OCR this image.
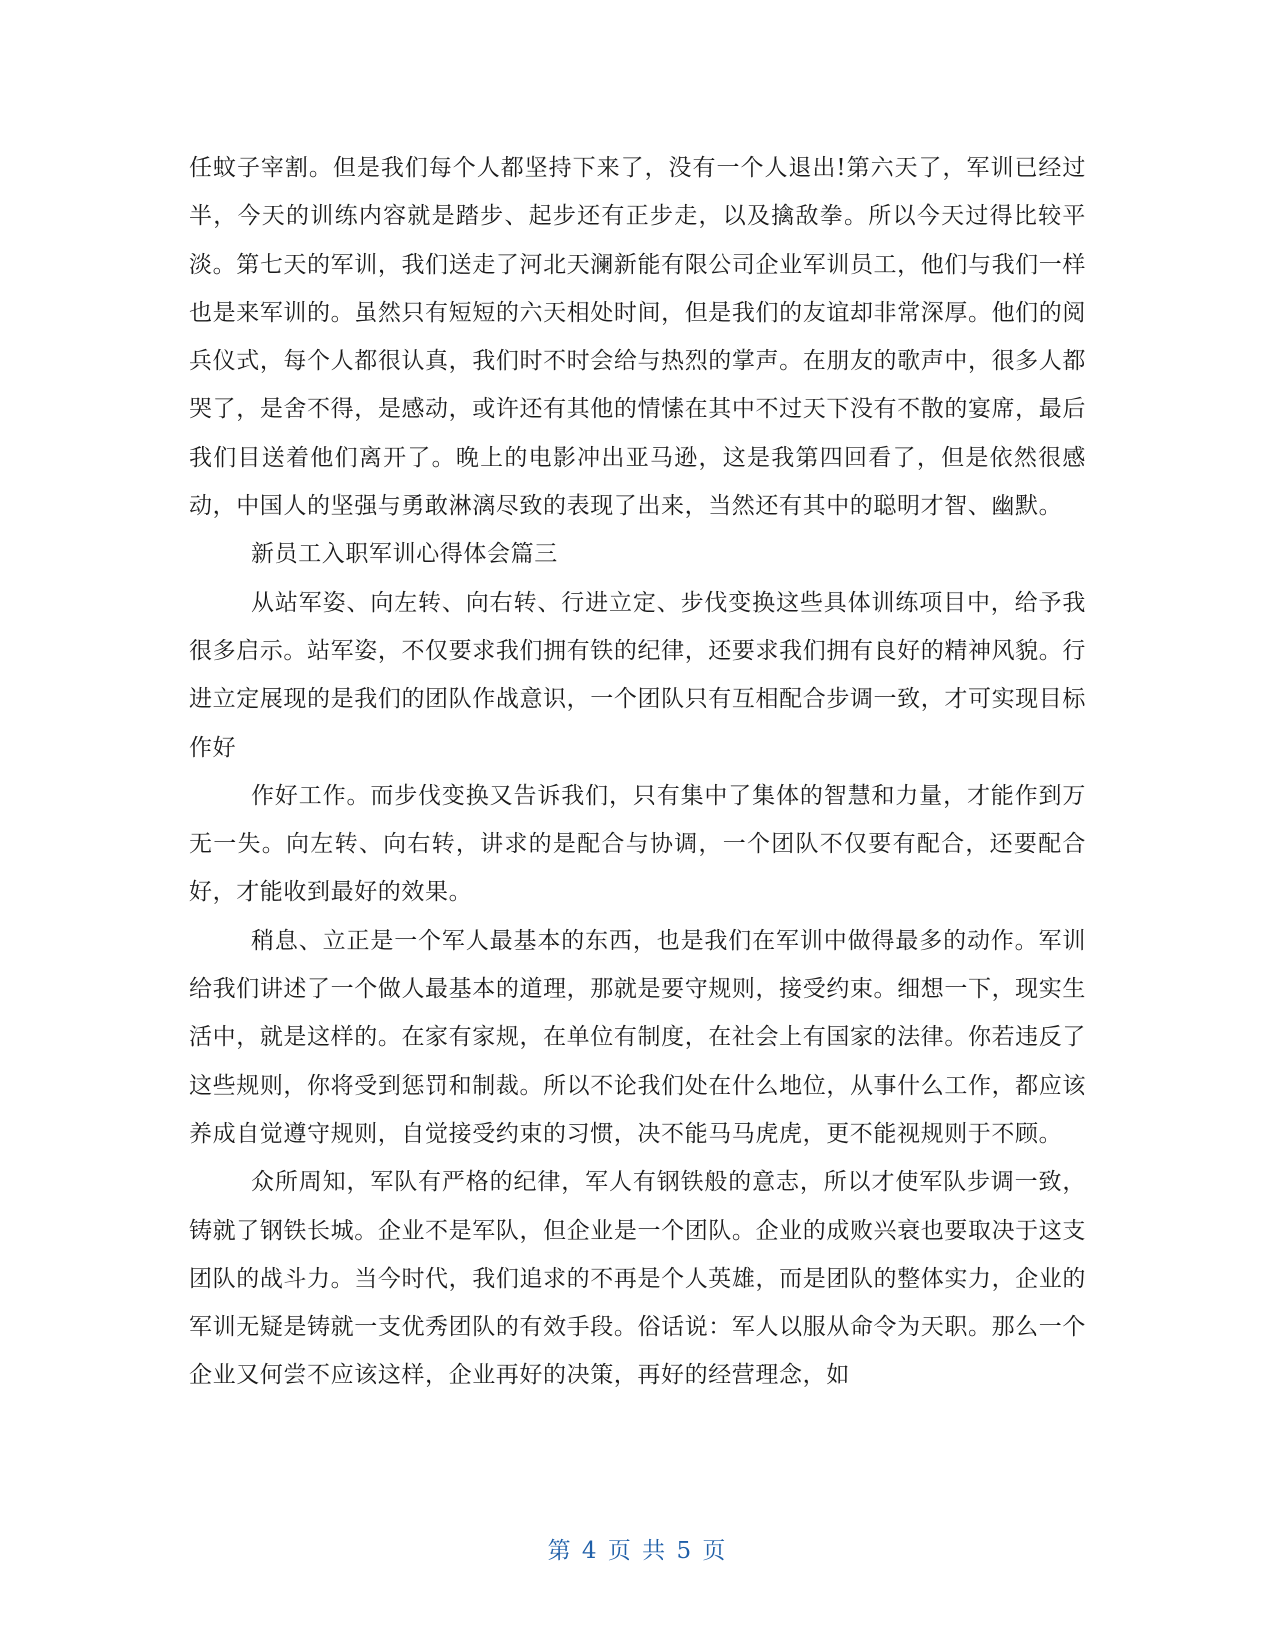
任蚊子宰割。但是我们每个人都坚持下来了，没有一个人退出!第六天了，军训已经过半，今天的训练内容就是踏步、起步还有正步走，以及擒敌拳。所以今天过得比较平淡。第七天的军训，我们送走了河北天澜新能有限公司企业军训员工，他们与我们一样也是来军训的。虽然只有短短的六天相处时间，但是我们的友谊却非常深厚。他们的阅兵仪式，每个人都很认真，我们时不时会给与热烈的掌声。在朋友的歌声中，很多人都哭了，是舍不得，是感动，或许还有其他的情愫在其中不过天下没有不散的宴席，最后我们目送着他们离开了。晚上的电影冲出亚马逊，这是我第四回看了，但是依然很感动，中国人的坚强与勇敢淋漓尽致的表现了出来，当然还有其中的聪明才智、幽默。

新员工入职军训心得体会篇三

从站军姿、向左转、向右转、行进立定、步伐变换这些具体训练项目中，给予我很多启示。站军姿，不仅要求我们拥有铁的纪律，还要求我们拥有良好的精神风貌。行进立定展现的是我们的团队作战意识，一个团队只有互相配合步调一致，才可实现目标作好

作好工作。而步伐变换又告诉我们，只有集中了集体的智慧和力量，才能作到万无一失。向左转、向右转，讲求的是配合与协调，一个团队不仅要有配合，还要配合好，才能收到最好的效果。

稍息、立正是一个军人最基本的东西，也是我们在军训中做得最多的动作。军训给我们讲述了一个做人最基本的道理，那就是要守规则，接受约束。细想一下，现实生活中，就是这样的。在家有家规，在单位有制度，在社会上有国家的法律。你若违反了这些规则，你将受到惩罚和制裁。所以不论我们处在什么地位，从事什么工作，都应该养成自觉遵守规则，自觉接受约束的习惯，决不能马马虎虎，更不能视规则于不顾。

众所周知，军队有严格的纪律，军人有钢铁般的意志，所以才使军队步调一致，铸就了钢铁长城。企业不是军队，但企业是一个团队。企业的成败兴衰也要取决于这支团队的战斗力。当今时代，我们追求的不再是个人英雄，而是团队的整体实力，企业的军训无疑是铸就一支优秀团队的有效手段。俗话说：军人以服从命令为天职。那么一个企业又何尝不应该这样，企业再好的决策，再好的经营理念，如

第 4 页 共 5 页
